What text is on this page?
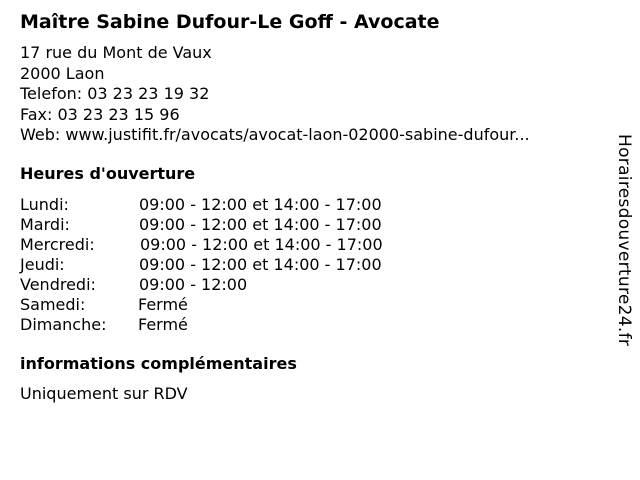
Maître Sabine Dufour-Le Goff - Avocate
17 rue du Mont de Vaux
2000 Laon
Telefon: 03 23 23 19 32
Fax: 03 23 23 15 96
Web: www.justifit.fr/avocats/avocat-laon-02000-sabine-dufour...
Heures d'ouverture
Lundi:	09:00 - 12:00 et 14:00 - 17:00
Mardi:	09:00 - 12:00 et 14:00 - 17:00
Mercredi:	09:00 - 12:00 et 14:00 - 17:00
Jeudi:	09:00 - 12:00 et 14:00 - 17:00
Vendredi:	09:00 - 12:00
Samedi:	Fermé
Dimanche: Fermé
informations complémentaires
Uniquement sur RDV
Horairesdouverture24.fr
